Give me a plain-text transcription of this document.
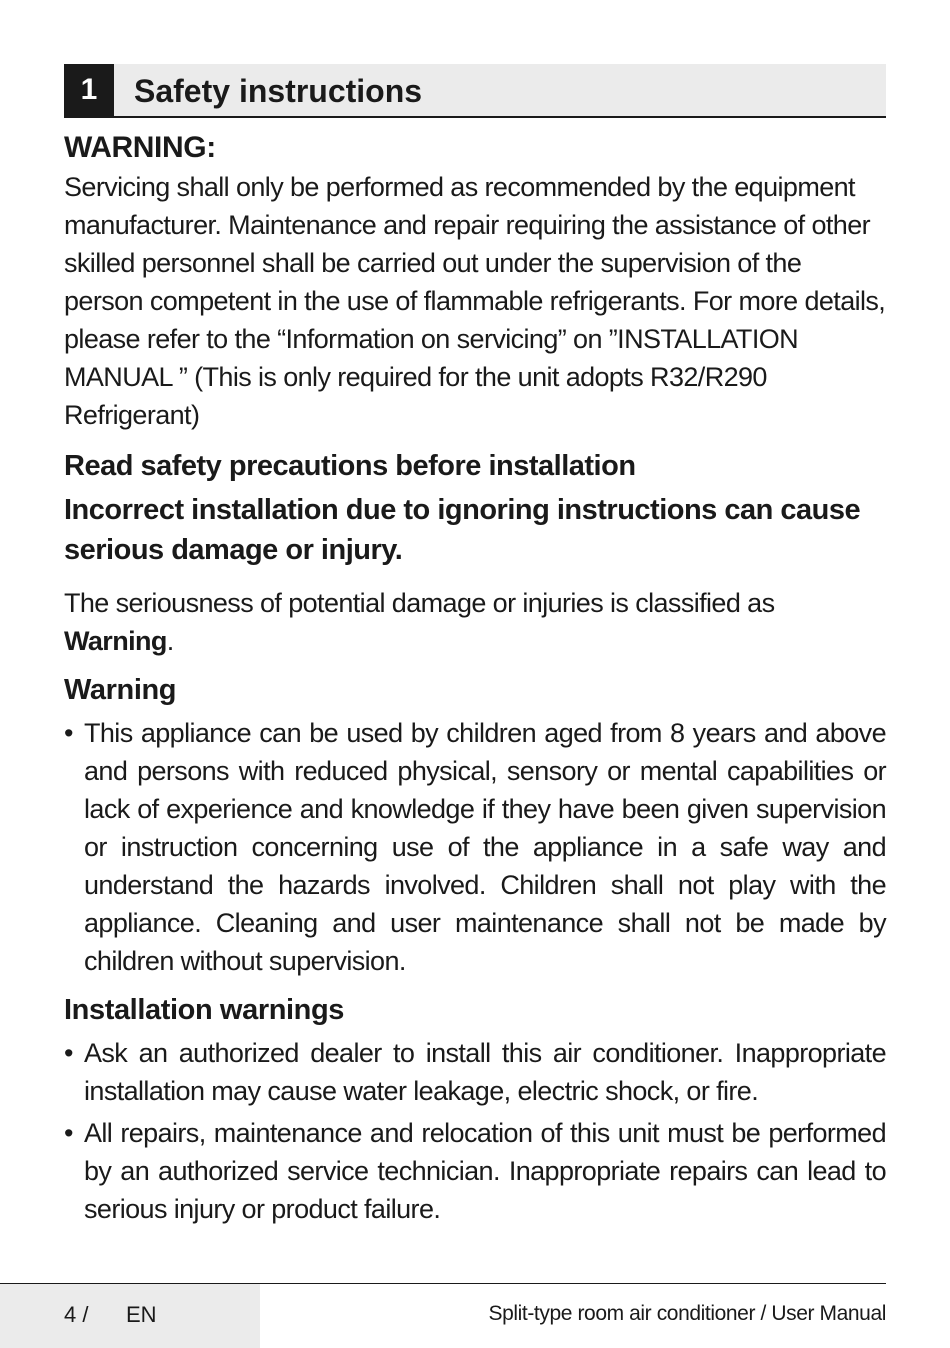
1	Safety instructions

WARNING:

Servicing shall only be performed as recommended by the equipment manufacturer. Maintenance and repair requiring the assistance of other skilled personnel shall be carried out under the supervision of the person competent in the use of flammable refrigerants. For more details, please refer to the “Information on servicing” on ”INSTALLATION MANUAL ” (This is only required for the unit adopts R32/R290 Refrigerant)

Read safety precautions before installation

Incorrect installation due to ignoring instructions can cause serious damage or injury.

The seriousness of potential damage or injuries is classified as
Warning.

Warning

• This appliance can be used by children aged from 8 years and above and persons with reduced physical, sensory or mental capabilities or lack of experience and knowledge if they have been given supervision or instruction concerning use of the appliance in a safe way and understand the hazards involved. Children shall not play with the appliance. Cleaning and user maintenance shall not be made by children without supervision.

Installation warnings

• Ask an authorized dealer to install this air conditioner. Inappropriate installation may cause water leakage, electric shock, or fire.

• All repairs, maintenance and relocation of this unit must be performed by an authorized service technician. Inappropriate repairs can lead to serious injury or product failure.

4 / EN	Split-type room air conditioner / User Manual
